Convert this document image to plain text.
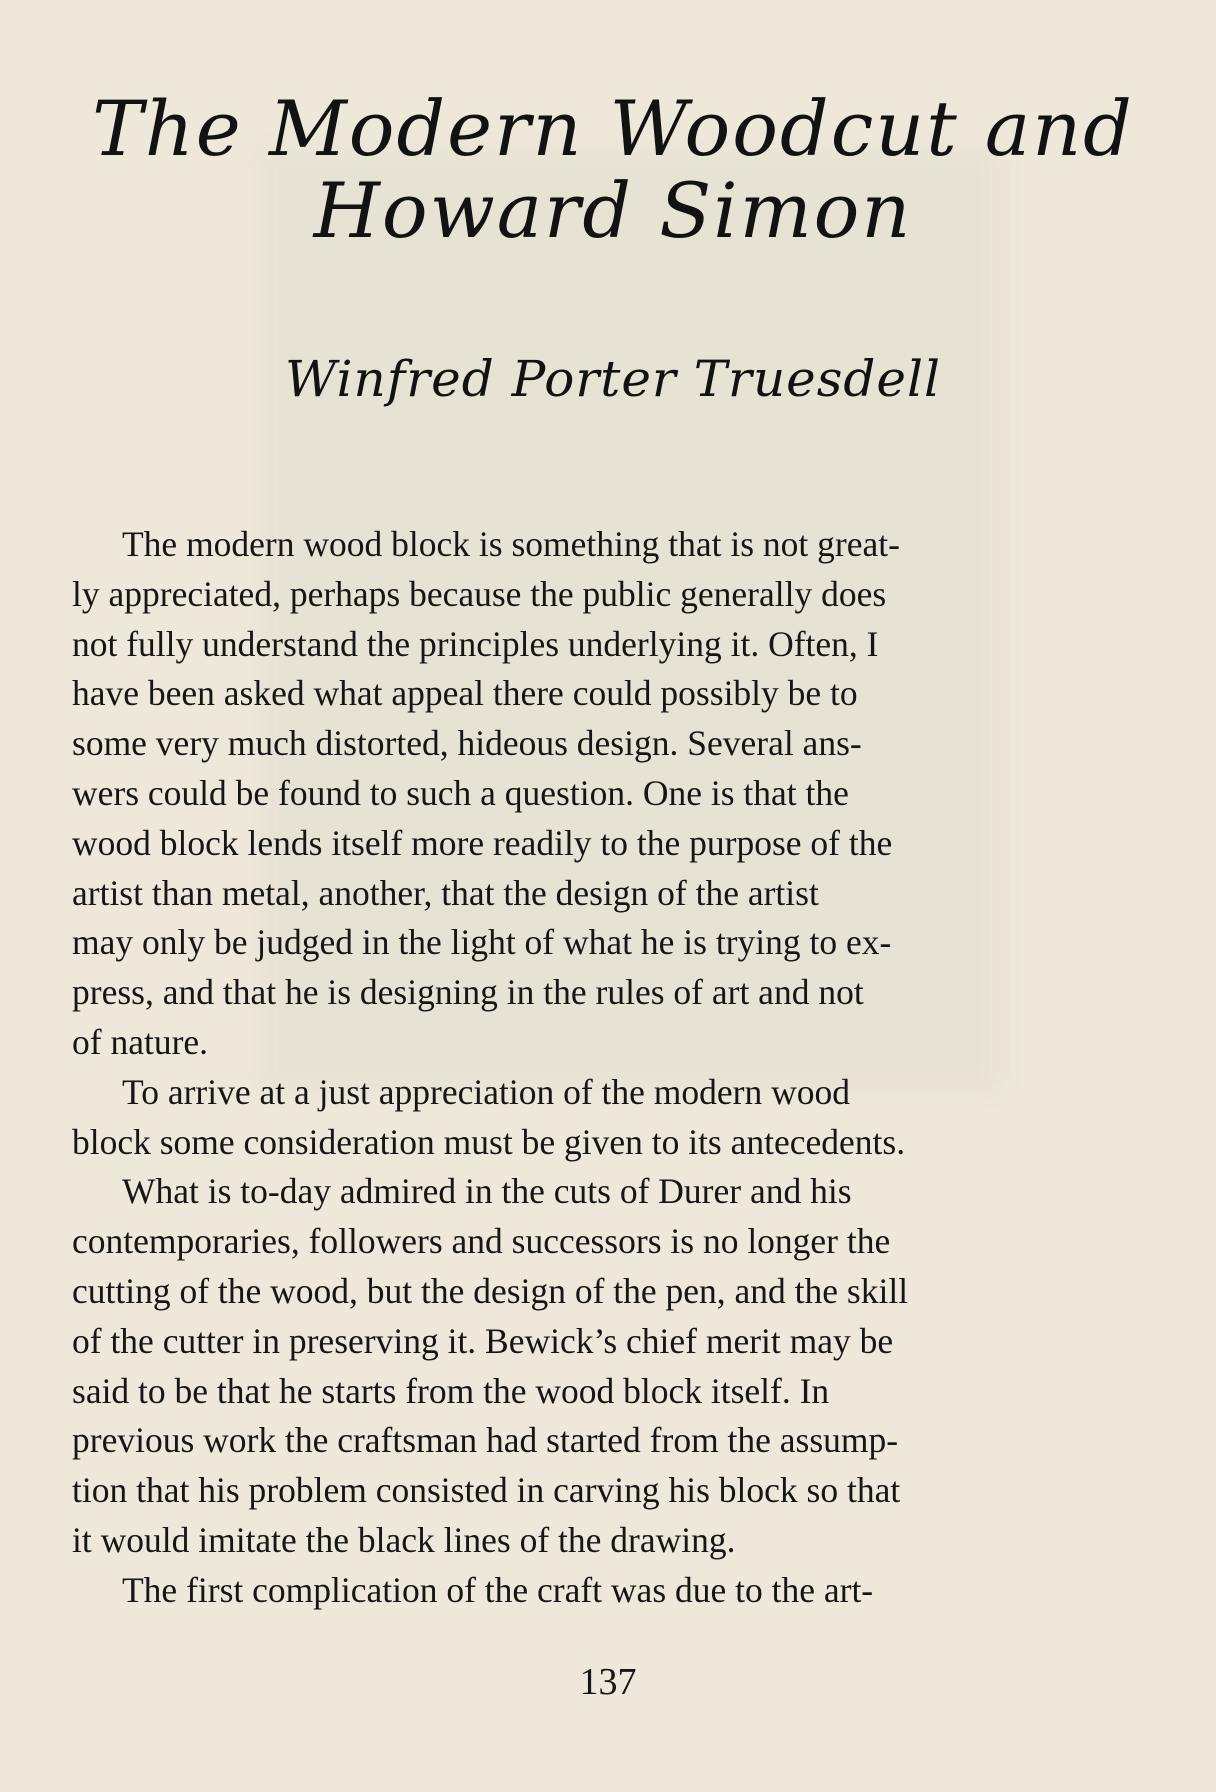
The Modern Woodcut and
Howard Simon
Winfred Porter Truesdell
The modern wood block is something that is not great-
ly appreciated, perhaps because the public generally does
not fully understand the principles underlying it. Often, I
have been asked what appeal there could possibly be to
some very much distorted, hideous design. Several ans-
wers could be found to such a question. One is that the
wood block lends itself more readily to the purpose of the
artist than metal, another, that the design of the artist
may only be judged in the light of what he is trying to ex-
press, and that he is designing in the rules of art and not
of nature.
To arrive at a just appreciation of the modern wood
block some consideration must be given to its antecedents.
What is to-day admired in the cuts of Durer and his
contemporaries, followers and successors is no longer the
cutting of the wood, but the design of the pen, and the skill
of the cutter in preserving it. Bewick’s chief merit may be
said to be that he starts from the wood block itself. In
previous work the craftsman had started from the assump-
tion that his problem consisted in carving his block so that
it would imitate the black lines of the drawing.
The first complication of the craft was due to the art-
137
